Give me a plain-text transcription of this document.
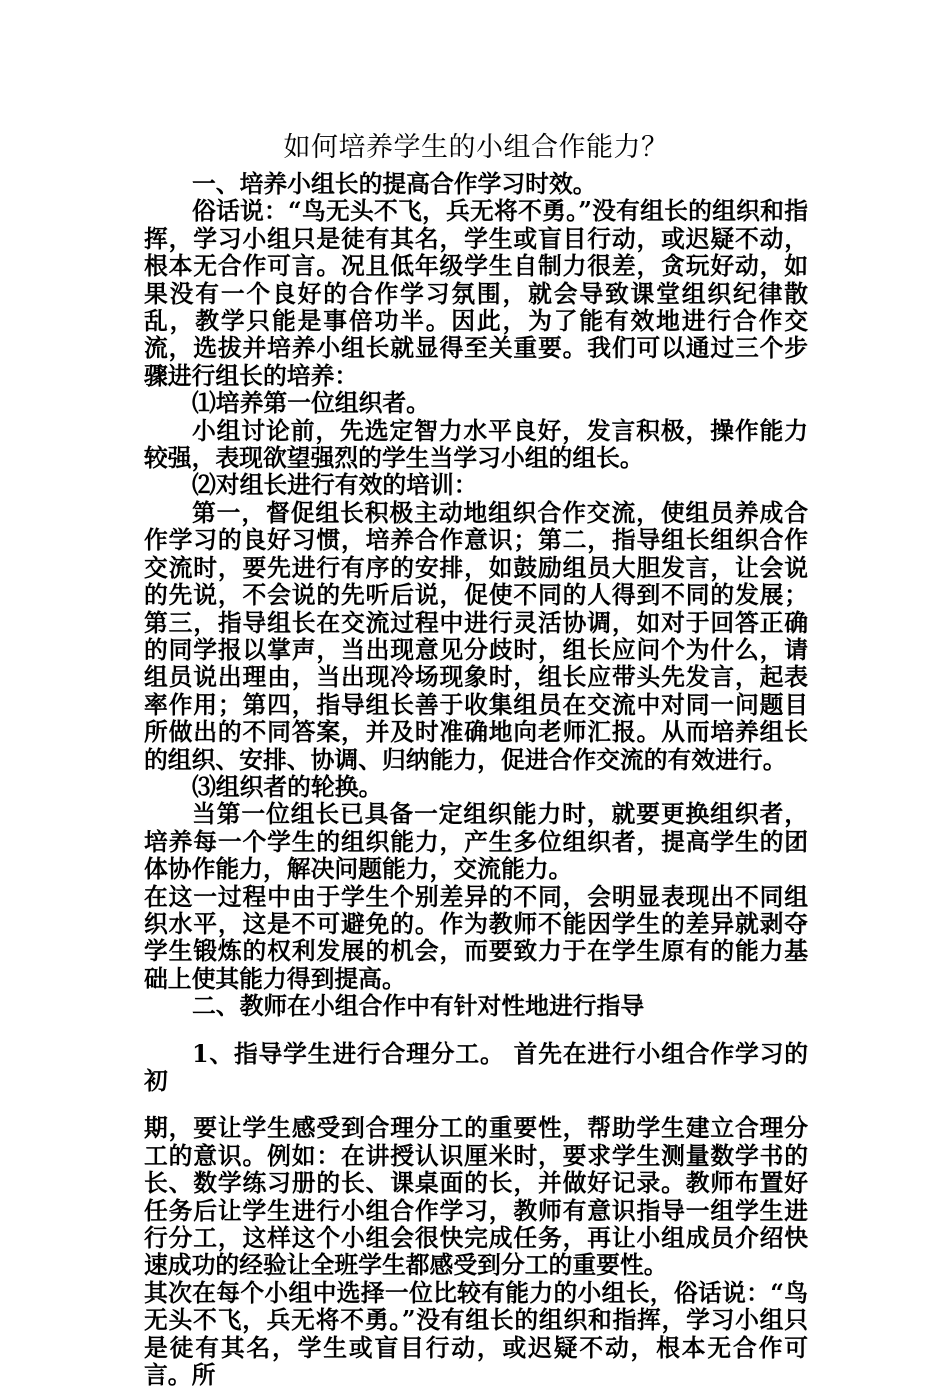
如何培养学生的小组合作能力？

一、培养小组长的提高合作学习时效。

俗话说：“鸟无头不飞，兵无将不勇。”没有组长的组织和指挥，学习小组只是徒有其名，学生或盲目行动，或迟疑不动，根本无合作可言。况且低年级学生自制力很差，贪玩好动，如果没有一个良好的合作学习氛围，就会导致课堂组织纪律散乱，教学只能是事倍功半。因此，为了能有效地进行合作交流，选拔并培养小组长就显得至关重要。我们可以通过三个步骤进行组长的培养：

⑴培养第一位组织者。

小组讨论前，先选定智力水平良好，发言积极，操作能力较强，表现欲望强烈的学生当学习小组的组长。

⑵对组长进行有效的培训：

第一，督促组长积极主动地组织合作交流，使组员养成合作学习的良好习惯，培养合作意识；第二，指导组长组织合作交流时，要先进行有序的安排，如鼓励组员大胆发言，让会说的先说，不会说的先听后说，促使不同的人得到不同的发展；第三，指导组长在交流过程中进行灵活协调，如对于回答正确的同学报以掌声，当出现意见分歧时，组长应问个为什么，请组员说出理由，当出现冷场现象时，组长应带头先发言，起表率作用；第四，指导组长善于收集组员在交流中对同一问题目所做出的不同答案，并及时准确地向老师汇报。从而培养组长的组织、安排、协调、归纳能力，促进合作交流的有效进行。

⑶组织者的轮换。

当第一位组长已具备一定组织能力时，就要更换组织者，培养每一个学生的组织能力，产生多位组织者，提高学生的团体协作能力，解决问题能力，交流能力。

在这一过程中由于学生个别差异的不同，会明显表现出不同组织水平，这是不可避免的。作为教师不能因学生的差异就剥夺学生锻炼的权利发展的机会，而要致力于在学生原有的能力基础上使其能力得到提高。

二、教师在小组合作中有针对性地进行指导

1、指导学生进行合理分工。 首先在进行小组合作学习的初

期，要让学生感受到合理分工的重要性，帮助学生建立合理分工的意识。例如：在讲授认识厘米时，要求学生测量数学书的长、数学练习册的长、课桌面的长，并做好记录。教师布置好任务后让学生进行小组合作学习，教师有意识指导一组学生进行分工，这样这个小组会很快完成任务，再让小组成员介绍快速成功的经验让全班学生都感受到分工的重要性。

其次在每个小组中选择一位比较有能力的小组长，俗话说：“鸟无头不飞，兵无将不勇。”没有组长的组织和指挥，学习小组只是徒有其名，学生或盲目行动，或迟疑不动，根本无合作可言。所
